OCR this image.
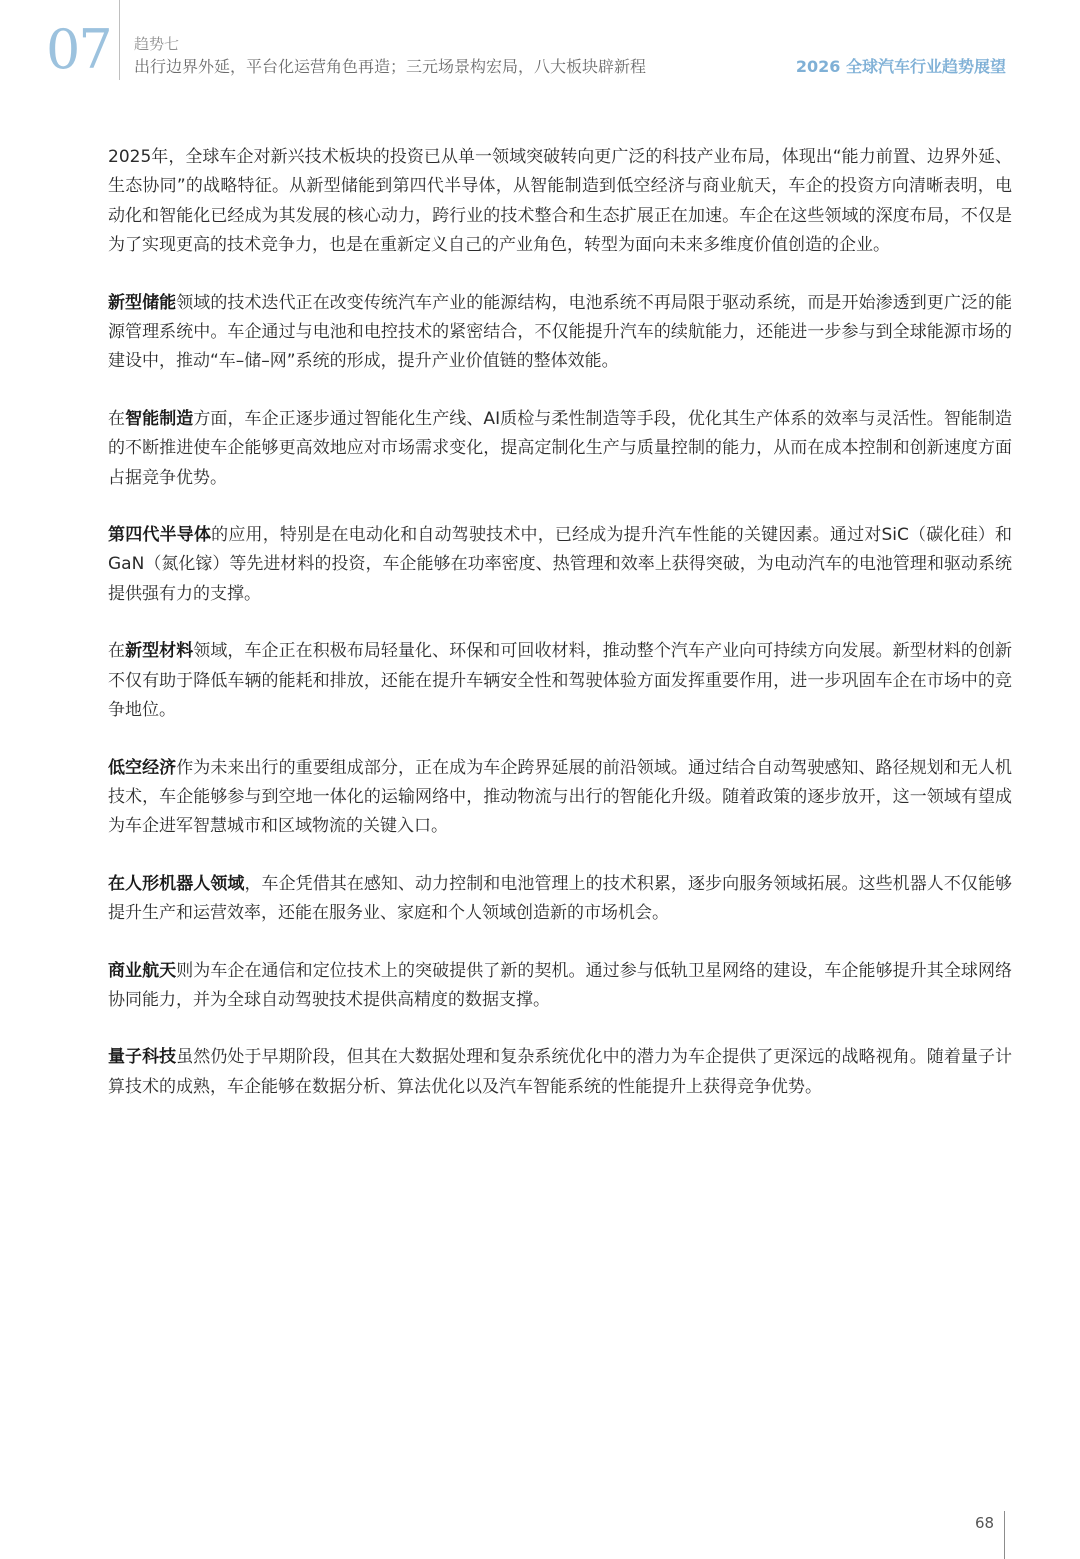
07 趋势七
出行边界外延，平台化运营角色再造；三元场景构宏局，八大板块辟新程	2026 全球汽车行业趋势展望

2025年，全球车企对新兴技术板块的投资已从单一领域突破转向更广泛的科技产业布局，体现出“能力前置、边界外延、生态协同”的战略特征。从新型储能到第四代半导体，从智能制造到低空经济与商业航天，车企的投资方向清晰表明，电动化和智能化已经成为其发展的核心动力，跨行业的技术整合和生态扩展正在加速。车企在这些领域的深度布局，不仅是为了实现更高的技术竞争力，也是在重新定义自己的产业角色，转型为面向未来多维度价值创造的企业。

新型储能领域的技术迭代正在改变传统汽车产业的能源结构，电池系统不再局限于驱动系统，而是开始渗透到更广泛的能源管理系统中。车企通过与电池和电控技术的紧密结合，不仅能提升汽车的续航能力，还能进一步参与到全球能源市场的建设中，推动“车–储–网”系统的形成，提升产业价值链的整体效能。

在智能制造方面，车企正逐步通过智能化生产线、AI质检与柔性制造等手段，优化其生产体系的效率与灵活性。智能制造的不断推进使车企能够更高效地应对市场需求变化，提高定制化生产与质量控制的能力，从而在成本控制和创新速度方面占据竞争优势。

第四代半导体的应用，特别是在电动化和自动驾驶技术中，已经成为提升汽车性能的关键因素。通过对SiC（碳化硅）和GaN（氮化镓）等先进材料的投资，车企能够在功率密度、热管理和效率上获得突破，为电动汽车的电池管理和驱动系统提供强有力的支撑。

在新型材料领域，车企正在积极布局轻量化、环保和可回收材料，推动整个汽车产业向可持续方向发展。新型材料的创新不仅有助于降低车辆的能耗和排放，还能在提升车辆安全性和驾驶体验方面发挥重要作用，进一步巩固车企在市场中的竞争地位。

低空经济作为未来出行的重要组成部分，正在成为车企跨界延展的前沿领域。通过结合自动驾驶感知、路径规划和无人机技术，车企能够参与到空地一体化的运输网络中，推动物流与出行的智能化升级。随着政策的逐步放开，这一领域有望成为车企进军智慧城市和区域物流的关键入口。

在人形机器人领域，车企凭借其在感知、动力控制和电池管理上的技术积累，逐步向服务领域拓展。这些机器人不仅能够提升生产和运营效率，还能在服务业、家庭和个人领域创造新的市场机会。

商业航天则为车企在通信和定位技术上的突破提供了新的契机。通过参与低轨卫星网络的建设，车企能够提升其全球网络协同能力，并为全球自动驾驶技术提供高精度的数据支撑。

量子科技虽然仍处于早期阶段，但其在大数据处理和复杂系统优化中的潜力为车企提供了更深远的战略视角。随着量子计算技术的成熟，车企能够在数据分析、算法优化以及汽车智能系统的性能提升上获得竞争优势。

68
